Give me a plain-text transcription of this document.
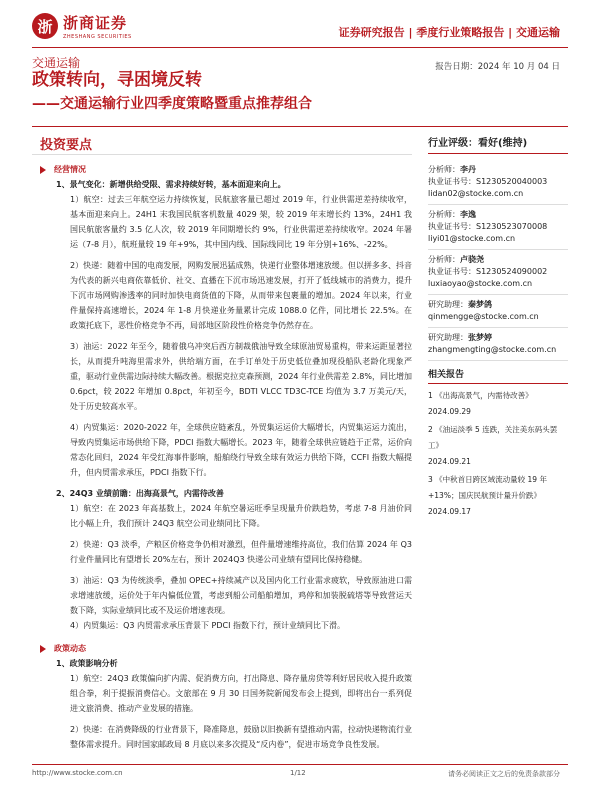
浙 浙商证券
ZHESHANG SECURITIES	证券研究报告 | 季度行业策略报告 | 交通运输
交通运输	报告日期：2024 年 10 月 04 日
政策转向，寻困境反转
——交通运输行业四季度策略暨重点推荐组合
投资要点
经营情况
1、景气变化：新增供给受限、需求持续好转，基本面迎来向上。

1）航空：过去三年航空运力持续恢复，民航旅客量已超过 2019 年，行业供需逆差持续收窄，基本面迎来向上。24H1 末我国民航客机数量 4029 架，较 2019 年末增长约 13%，24H1 我国民航旅客量约 3.5 亿人次，较 2019 年同期增长约 9%，行业供需逆差持续收窄。2024 年暑运（7-8 月），航班量较 19 年+9%，其中国内线、国际线同比 19 年分别+16%、-22%。

2）快递：随着中国的电商发展，网购发展迅猛成熟，快递行业整体增速放缓。但以拼多多、抖音为代表的新兴电商依靠低价、社交、直播在下沉市场迅速发展，打开了低线城市的消费力，提升下沉市场网购渗透率的同时加快电商货值的下降，从而带来包裹量的增加。2024 年以来，行业件量保持高速增长，2024 年 1-8 月快递业务量累计完成 1088.0 亿件，同比增长 22.5%。在政策托底下，恶性价格竞争不再，局部地区阶段性价格竞争仍然存在。

3）油运：2022 年至今，随着俄乌冲突后西方制裁俄油导致全球原油贸易重构，带来运距显著拉长，从而提升吨海里需求外，供给端方面，在手订单处于历史低位叠加现役船队老龄化现象严重，驱动行业供需边际持续大幅改善。根据克拉克森预测，2024 年行业供需差 2.8%，同比增加 0.6pct，较 2022 年增加 0.8pct，年初至今，BDTI VLCC TD3C-TCE 均值为 3.7 万美元/天，处于历史较高水平。

4）内贸集运：2020-2022 年，全球供应链紊乱，外贸集运运价大幅增长，内贸集运运力流出，导致内贸集运市场供给下降，PDCI 指数大幅增长。2023 年，随着全球供应链趋于正常，运价向常态化回归，2024 年受红海事件影响，船舶绕行导致全球有效运力供给下降，CCFI 指数大幅提升，但内贸需求承压，PDCI 指数下行。

2、24Q3 业绩前瞻：出海高景气，内需待改善

1）航空：在 2023 年高基数上，2024 年航空暑运旺季呈现量升价跌趋势，考虑 7-8 月油价同比小幅上升，我们预计 24Q3 航空公司业绩同比下降。

2）快递：Q3 淡季，产粮区价格竞争仍相对激烈，但件量增速维持高位，我们估算 2024 年 Q3 行业件量同比有望增长 20%左右，预计 2024Q3 快递公司业绩有望同比保持稳健。

3）油运：Q3 为传统淡季，叠加 OPEC+持续减产以及国内化工行业需求疲软，导致原油进口需求增速放缓，运价处于年内偏低位置，考虑到船公司船舶增加，鸡停和加装脱硫塔等导致营运天数下降，实际业绩同比或不及运价增速表现。

4）内贸集运：Q3 内贸需求承压背景下 PDCI 指数下行，预计业绩同比下滑。

政策动态
1、政策影响分析

1）航空：24Q3 政策偏向扩内需、促消费方向，打出降息、降存量房贷等利好居民收入提升政策组合拳，利于提振消费信心。文旅部在 9 月 30 日国务院新闻发布会上提到，即将出台一系列促进文旅消费、推动产业发展的措施。

2）快递：在消费降级的行业背景下，降准降息，鼓励以旧换新有望推动内需，拉动快递物流行业整体需求提升。同时国家邮政局 8 月底以来多次提及“反内卷”，促进市场竞争良性发展。

行业评级：看好(维持)
分析师：李丹
执业证书号：S1230520040003
lidan02@stocke.com.cn
分析师：李逸
执业证书号：S1230523070008
liyi01@stocke.com.cn
分析师：卢骁尧
执业证书号：S1230524090002
luxiaoyao@stocke.com.cn
研究助理：秦梦鸽
qinmengge@stocke.com.cn
研究助理：张梦婷
zhangmengting@stocke.com.cn
相关报告
1 《出海高景气，内需待改善》
2024.09.29
2 《油运淡季 5 连跌，关注美东码头罢工》
2024.09.21
3 《中秋首日跨区域流动量较 19 年+13%；国庆民航预计量升价跌》
2024.09.17
http://www.stocke.com.cn	1/12	请务必阅读正文之后的免责条款部分
